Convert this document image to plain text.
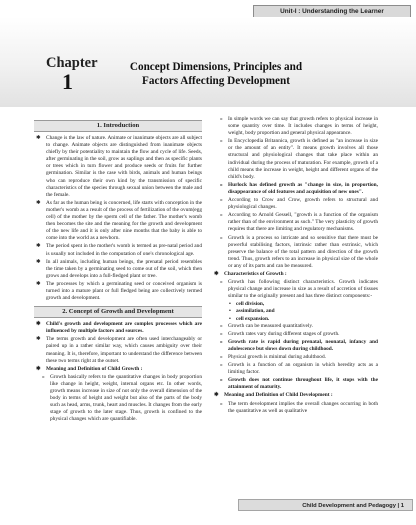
Unit-I : Understanding the Learner
Chapter
1
Concept Dimensions, Principles and Factors Affecting Development
1. Introduction
✱ Change is the law of nature. Animate or inanimate objects are all subject to change. Animate objects are distinguished from inanimate objects chiefly by their potentiality to maintain the flow and cycle of life. Seeds, after germinating in the soil, grow as saplings and then as specific plants or trees which in turn flower and produce seeds or fruits for further germination. Similar is the case with birds, animals and human beings who can reproduce their own kind by the transmission of specific characteristics of the species through sexual union between the male and the female.
✱ As far as the human being is concerned, life starts with conception in the mother's womb as a result of the process of fertilization of the ovum(egg cell) of the mother by the sperm cell of the father. The mother's womb then becomes the site and the meaning for the growth and development of the new life and it is only after nine months that the baby is able to come into the world as a newborn.
✱ The period spent in the mother's womb is termed as pre-natal period and is usually not included in the computation of one's chronological age.
✱ In all animals, including human beings, the prenatal period resembles the time taken by a germinating seed to come out of the soil, which then grows and develops into a full-fledged plant or tree.
✱ The processes by which a germinating seed or conceived organism is turned into a mature plant or full fledged being are collectively termed growth and development.
2. Concept of Growth and Development
✱ Child's growth and development are complex processes which are influenced by multiple factors and sources.
✱ The terms growth and development are often used interchangeably or paired up in a rather similar way, which causes ambiguity over their meaning. It is, therefore, important to understand the difference between these two terms right at the outset.
✱ Meaning and Definition of Child Growth :
» Growth basically refers to the quantitative changes in body proportion like change in height, weight, internal organs etc. In other words, growth means increase in size of not only the overall dimension of the body in terms of height and weight but also of the parts of the body such as head, arms, trunk, heart and muscles. It changes from the early stage of growth to the later stage. Thus, growth is confined to the physical changes which are quantifiable.
» In simple words we can say that growth refers to physical increase in some quantity over time. It includes changes in terms of height, weight, body proportion and general physical appearance.
» In Encyclopedia Britannica, growth is defined as "an increase in size or the amount of an entity". It means growth involves all those structural and physiological changes that take place within an individual during the process of maturation. For example, growth of a child means the increase in weight, height and different organs of the child's body.
» Hurlock has defined growth as "change in size, in proportion, disappearance of old features and acquisition of new ones".
» According to Crow and Crow, growth refers to structural and physiological changes.
» According to Arnold Gessell, "growth is a function of the organism rather than of the environment as such." The very plasticity of growth requires that there are limiting and regulatory mechanisms.
» Growth is a process so intricate and so sensitive that there must be powerful stabilising factors, intrinsic rather than extrinsic, which preserve the balance of the total pattern and direction of the growth trend. Thus, growth refers to an increase in physical size of the whole or any of its parts and can be measured.
✱ Characteristics of Growth :
» Growth has following distinct characteristics. Growth indicates physical change and increase in size as a result of accretion of tissues similar to the originally present and has three distinct components:-
• cell division,
• assimilation, and
• cell expansion.
» Growth can be measured quantitatively.
» Growth rates vary during different stages of growth.
» Growth rate is rapid during prenatal, neonatal, infancy and adolescence but slows down during childhood.
» Physical growth is minimal during adulthood.
» Growth is a function of an organism in which heredity acts as a limiting factor.
» Growth does not continue throughout life, it stops with the attainment of maturity.
✱ Meaning and Definition of Child Development :
» The term development implies the overall changes occurring in both the quantitative as well as qualitative
Child Development and Pedagogy | 1
